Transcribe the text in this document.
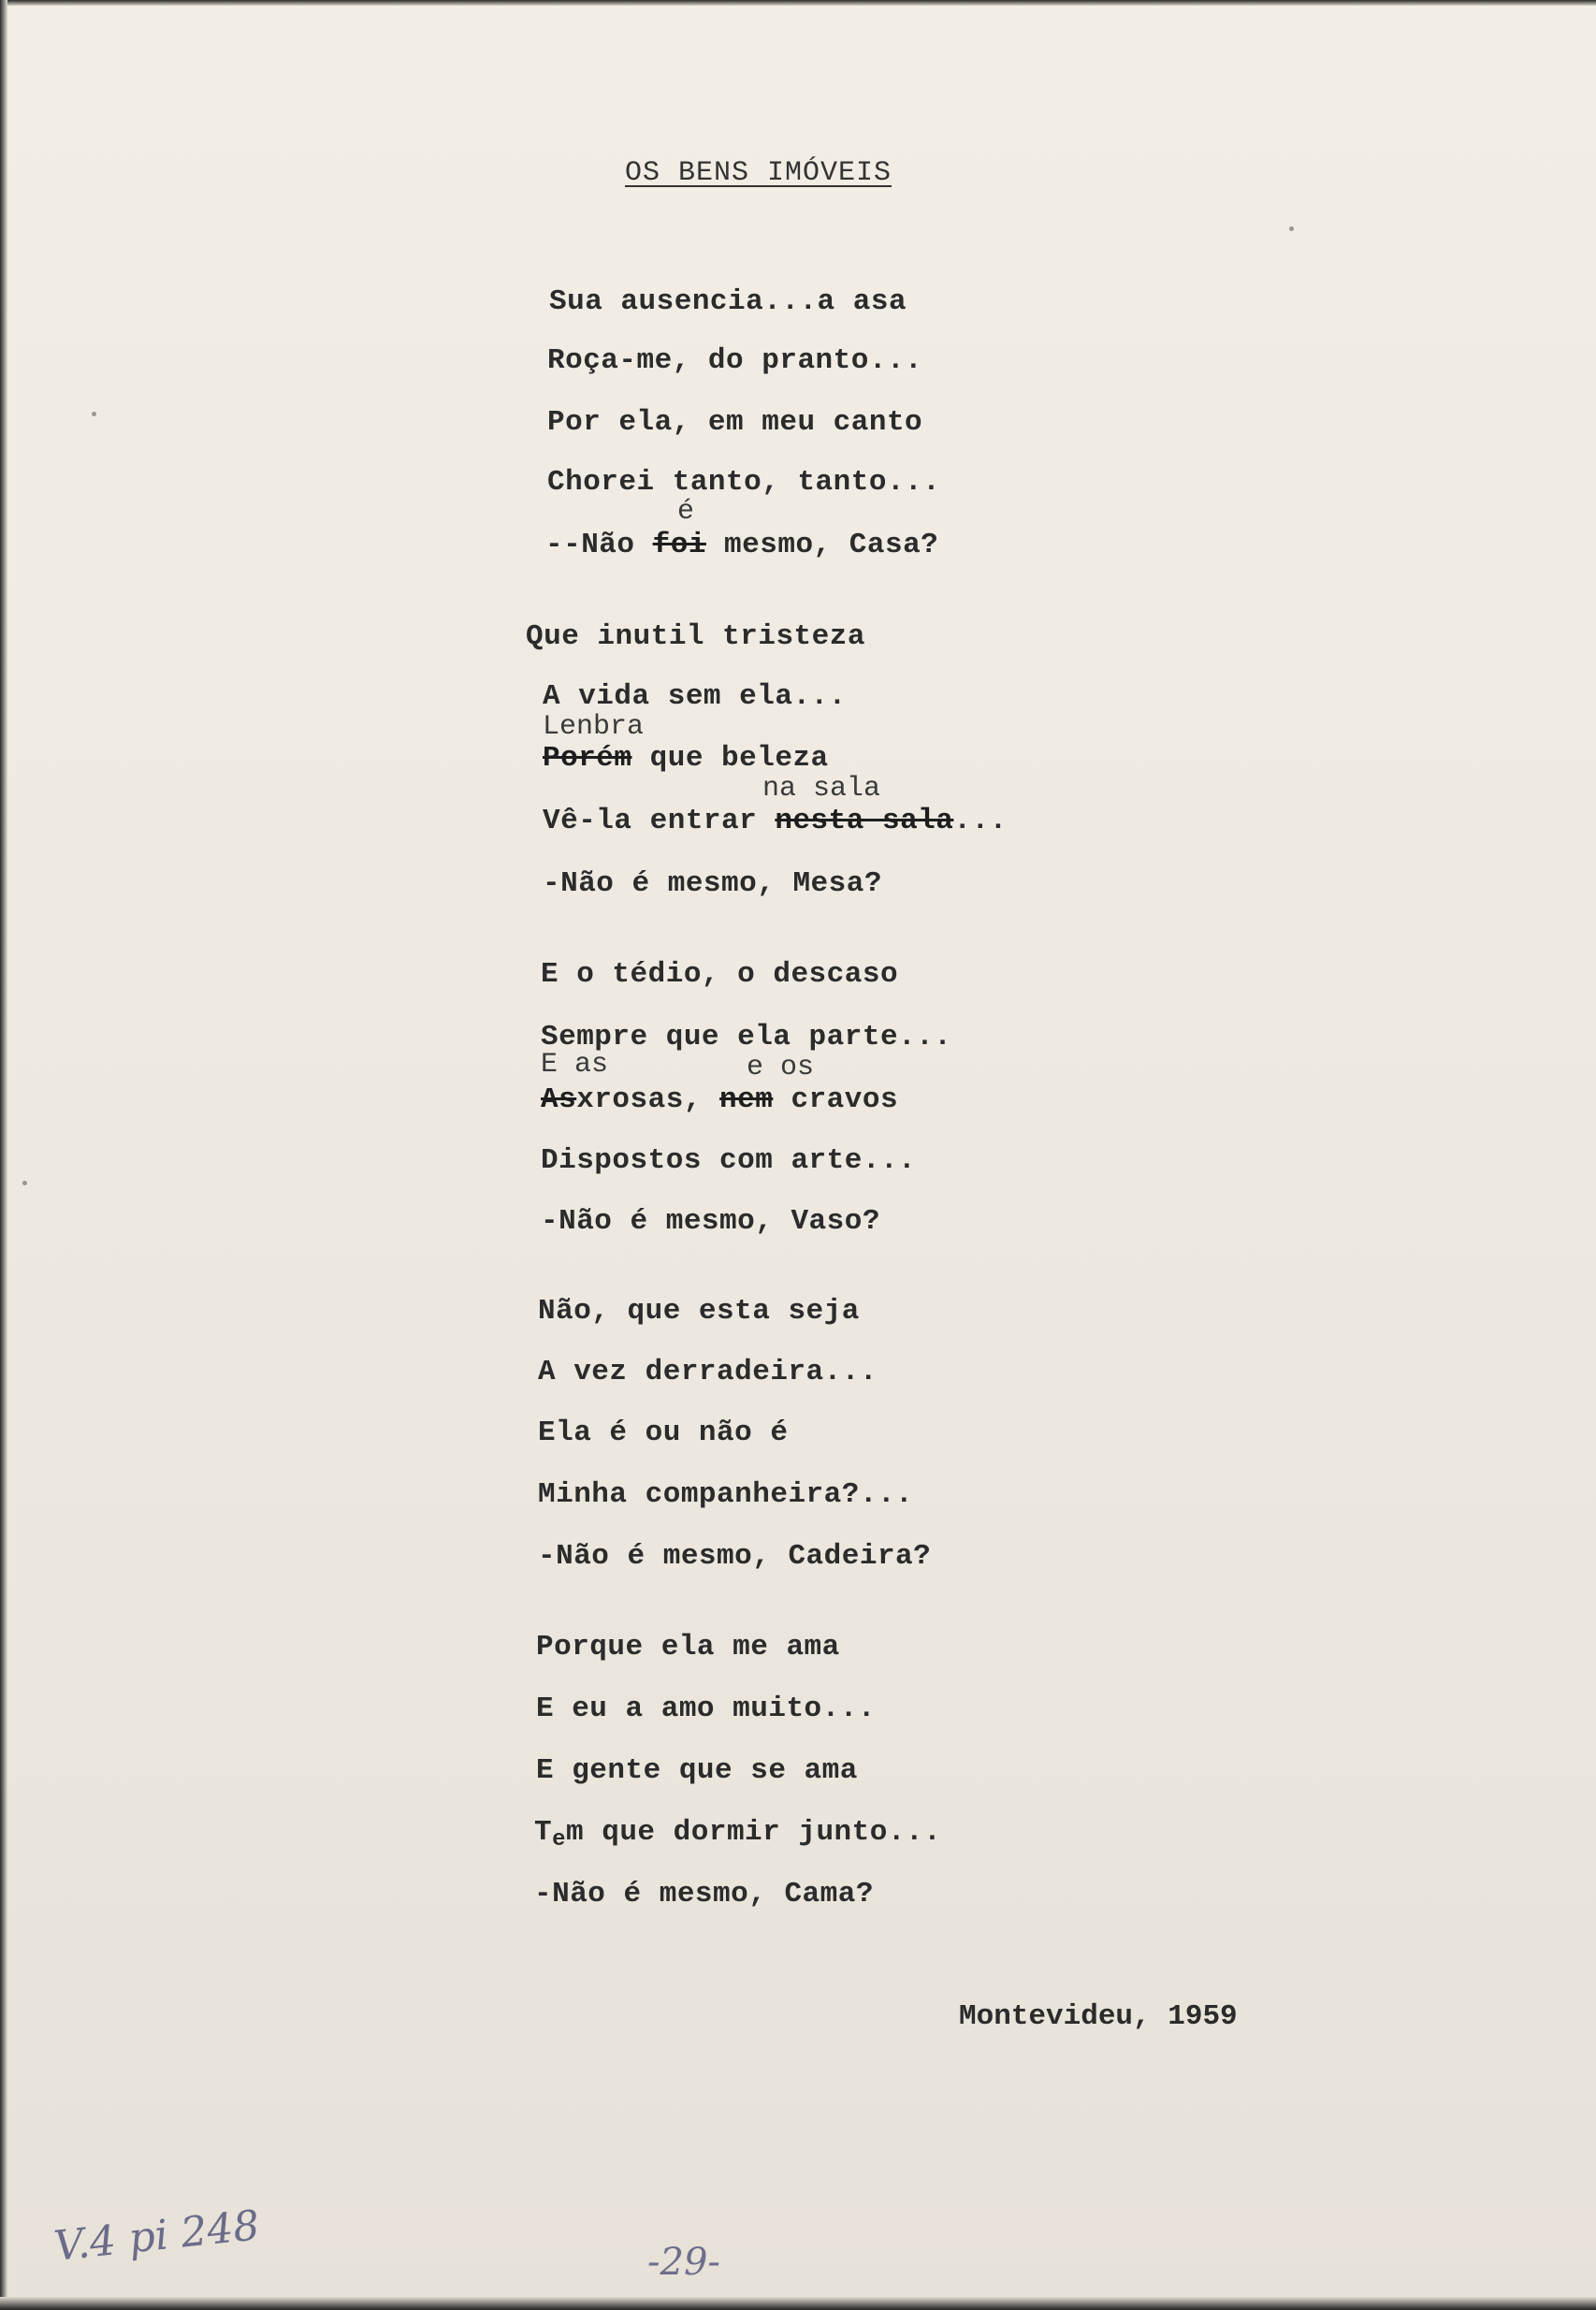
OS BENS IMÓVEIS
Sua ausencia...a asa
Roça-me, do pranto...
Por ela, em meu canto
Chorei tanto, tanto...
é
--Não foi mesmo, Casa?
Que inutil tristeza
A vida sem ela...
Lenbra
Porém que beleza
na sala
Vê-la entrar nesta sala...
-Não é mesmo, Mesa?
E o tédio, o descaso
Sempre que ela parte...
E as	e os
Asxrosas, nem cravos
Dispostos com arte...
-Não é mesmo, Vaso?
Não, que esta seja
A vez derradeira...
Ela é ou não é
Minha companheira?...
-Não é mesmo, Cadeira?
Porque ela me ama
E eu a amo muito...
E gente que se ama
$T_em$ que dormir junto...
-Não é mesmo, Cama?
Montevideu, 1959
V.4 pi 248	-29-
